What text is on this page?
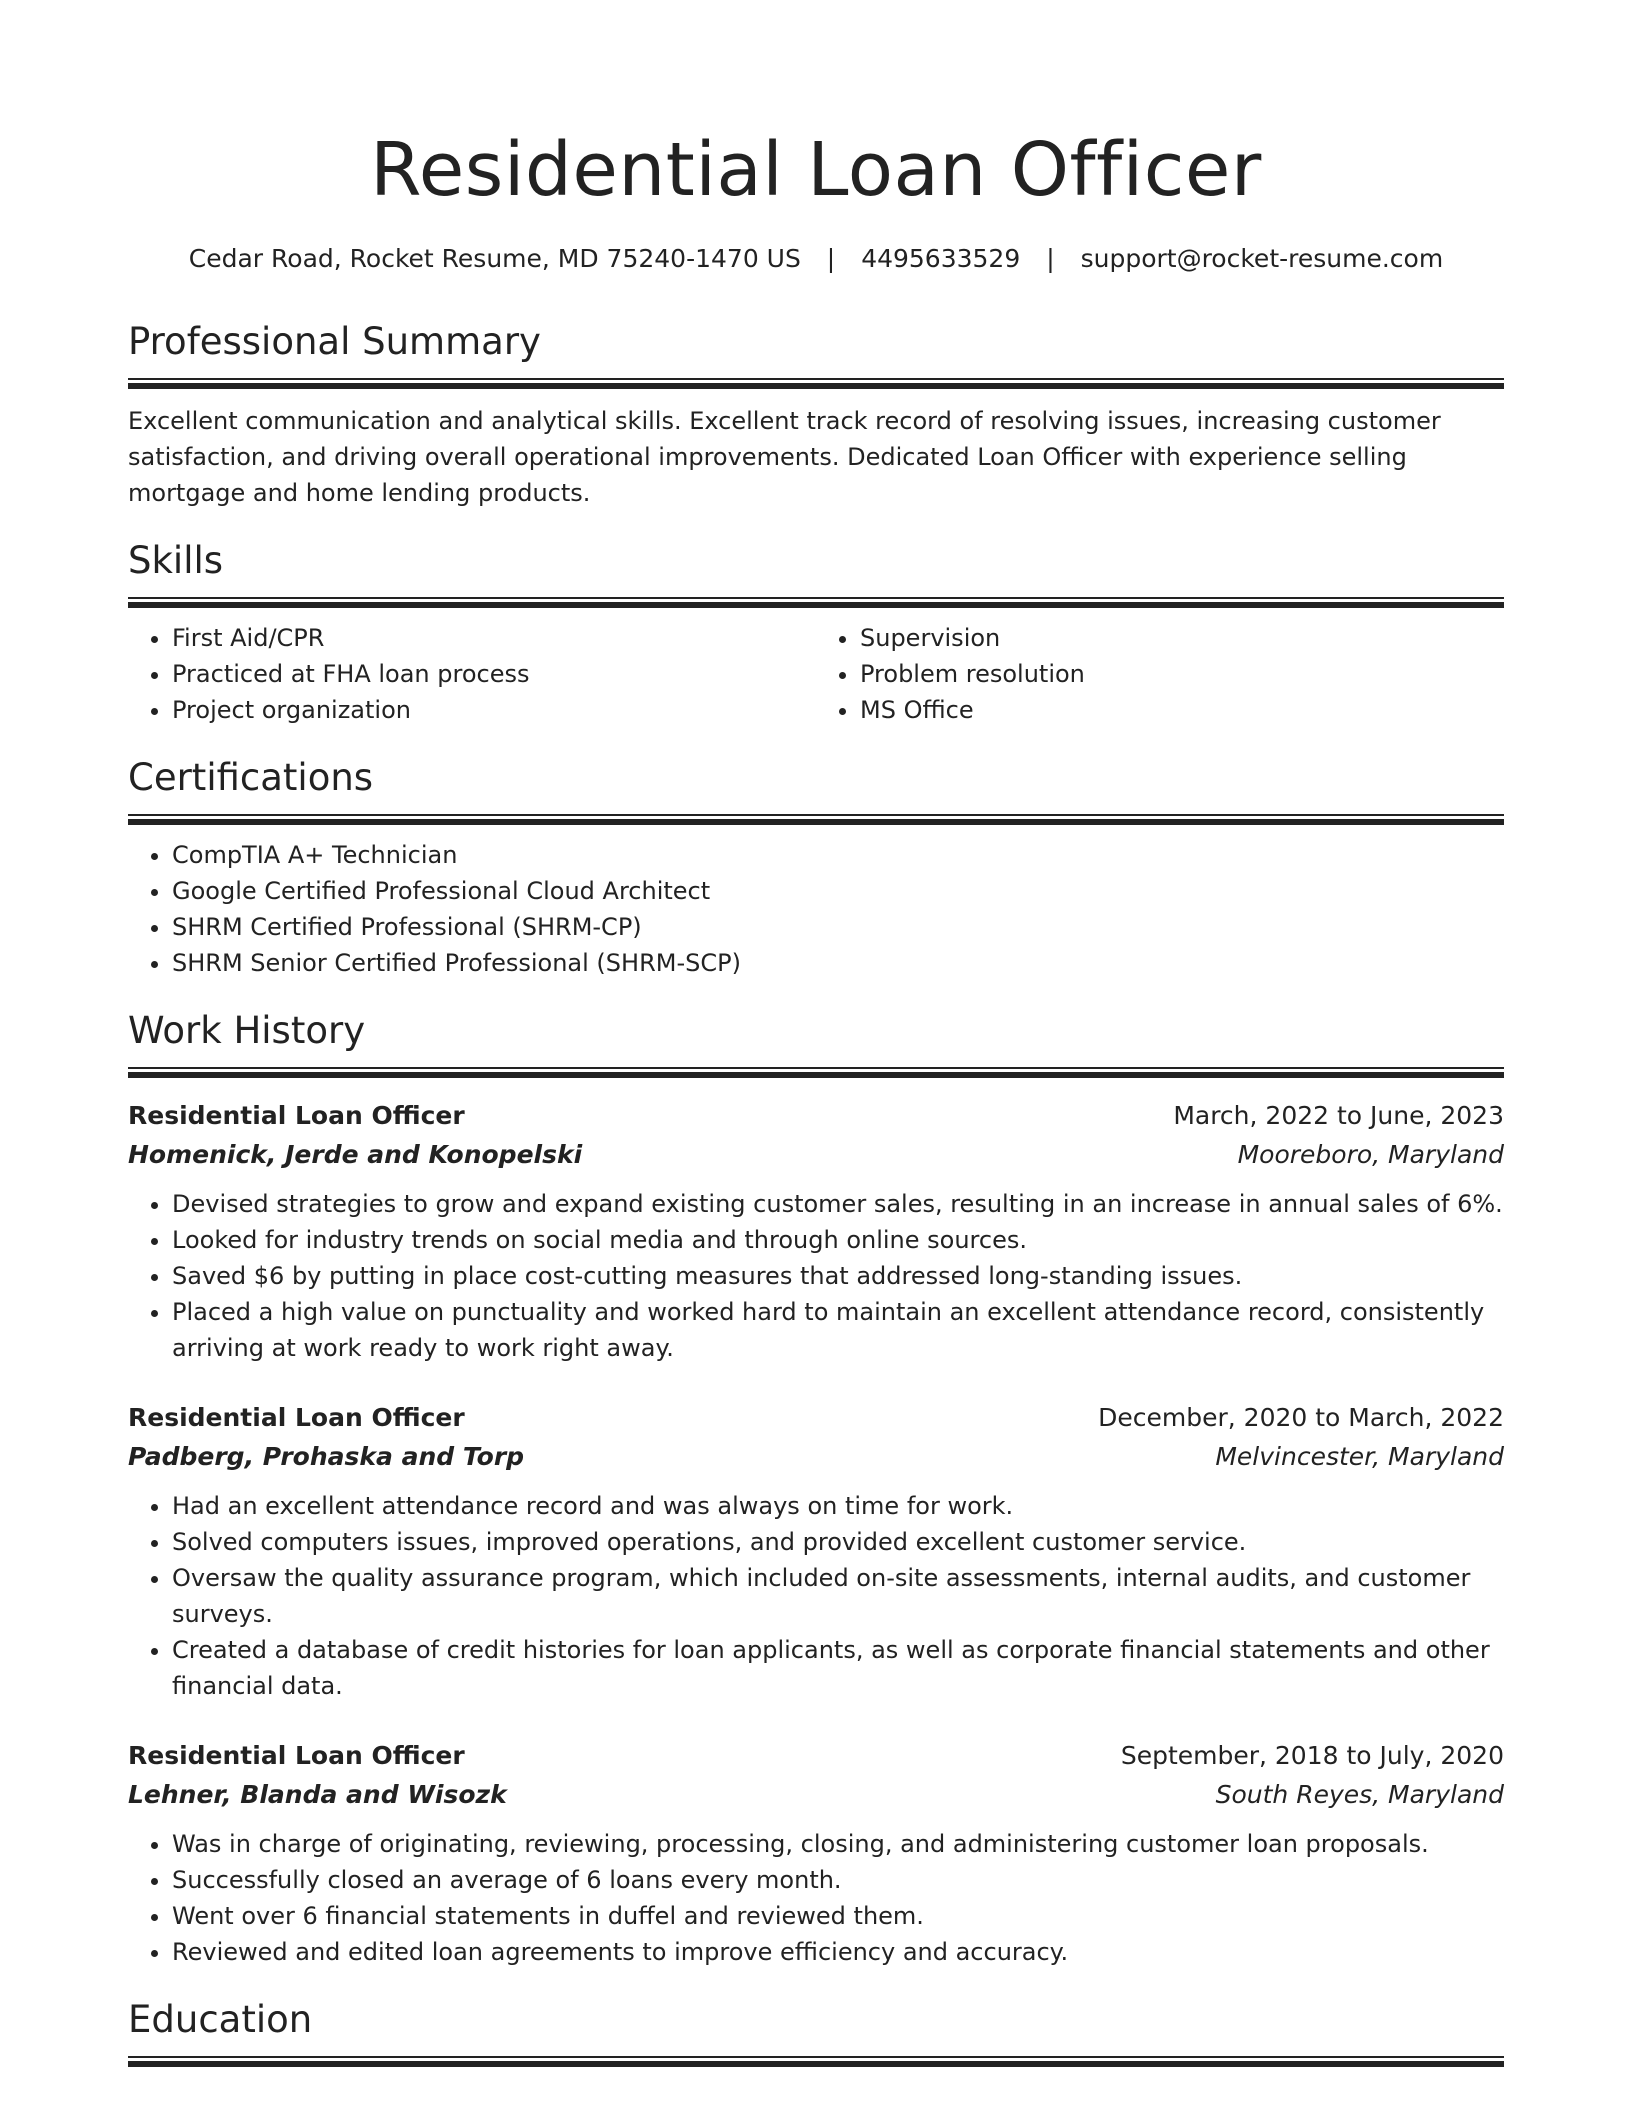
Residential Loan Officer
Cedar Road, Rocket Resume, MD 75240-1470 US | 4495633529 | support@rocket-resume.com
Professional Summary
Excellent communication and analytical skills. Excellent track record of resolving issues, increasing customer satisfaction, and driving overall operational improvements. Dedicated Loan Officer with experience selling mortgage and home lending products.
Skills
• First Aid/CPR
• Practiced at FHA loan process
• Project organization
• Supervision
• Problem resolution
• MS Office
Certifications
• CompTIA A+ Technician
• Google Certified Professional Cloud Architect
• SHRM Certified Professional (SHRM-CP)
• SHRM Senior Certified Professional (SHRM-SCP)
Work History
Residential Loan Officer	March, 2022 to June, 2023
Homenick, Jerde and Konopelski	Mooreboro, Maryland
• Devised strategies to grow and expand existing customer sales, resulting in an increase in annual sales of 6%.
• Looked for industry trends on social media and through online sources.
• Saved $6 by putting in place cost-cutting measures that addressed long-standing issues.
• Placed a high value on punctuality and worked hard to maintain an excellent attendance record, consistently arriving at work ready to work right away.
Residential Loan Officer	December, 2020 to March, 2022
Padberg, Prohaska and Torp	Melvincester, Maryland
• Had an excellent attendance record and was always on time for work.
• Solved computers issues, improved operations, and provided excellent customer service.
• Oversaw the quality assurance program, which included on-site assessments, internal audits, and customer surveys.
• Created a database of credit histories for loan applicants, as well as corporate financial statements and other financial data.
Residential Loan Officer	September, 2018 to July, 2020
Lehner, Blanda and Wisozk	South Reyes, Maryland
• Was in charge of originating, reviewing, processing, closing, and administering customer loan proposals.
• Successfully closed an average of 6 loans every month.
• Went over 6 financial statements in duffel and reviewed them.
• Reviewed and edited loan agreements to improve efficiency and accuracy.
Education
